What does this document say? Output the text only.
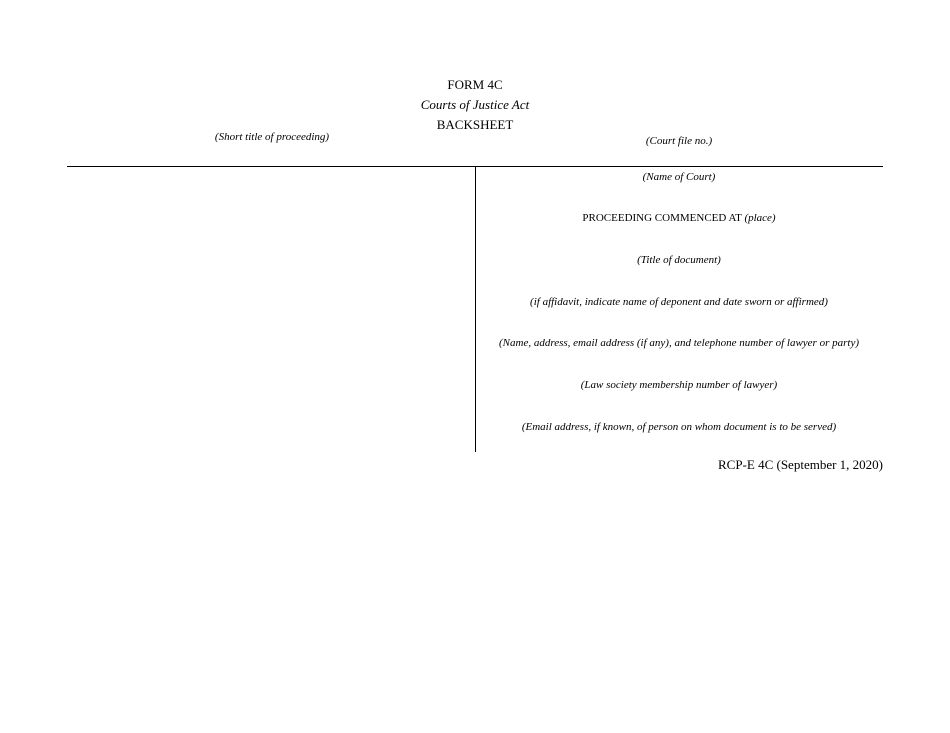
FORM 4C
Courts of Justice Act
BACKSHEET
(Short title of proceeding)	(Court file no.)
(Name of Court)
PROCEEDING COMMENCED AT (place)
(Title of document)
(if affidavit, indicate name of deponent and date sworn or affirmed)
(Name, address, email address (if any), and telephone number of lawyer or party)
(Law society membership number of lawyer)
(Email address, if known, of person on whom document is to be served)
RCP-E 4C (September 1, 2020)
